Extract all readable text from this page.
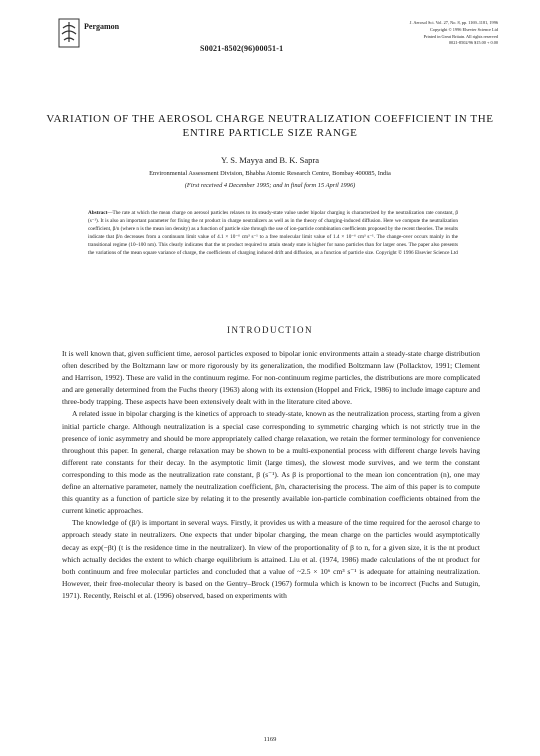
Pergamon
S0021-8502(96)00051-1
J. Aerosol Sci. Vol. 27, No. 8, pp. 1169–1181, 1996
Copyright © 1996 Elsevier Science Ltd
Printed in Great Britain. All rights reserved
0021-8502/96 $15.00 + 0.00
VARIATION OF THE AEROSOL CHARGE NEUTRALIZATION COEFFICIENT IN THE ENTIRE PARTICLE SIZE RANGE
Y. S. Mayya and B. K. Sapra
Environmental Assessment Division, Bhabha Atomic Research Centre, Bombay 400085, India
(First received 4 December 1995; and in final form 15 April 1996)
Abstract—The rate at which the mean charge on aerosol particles relaxes to its steady-state value under bipolar charging is characterized by the neutralization rate constant, β (s⁻¹). It is also an important parameter for fixing the nt product in charge neutralizers as well as in the theory of charging-induced diffusion. Here we compute the neutralization coefficient, β/n (where n is the mean ion density) as a function of particle size through the use of ion-particle combination coefficients proposed by the recent theories. The results indicate that β/n decreases from a continuum limit value of 4.1 × 10⁻⁶ cm³ s⁻¹ to a free molecular limit value of 1.4 × 10⁻⁶ cm³ s⁻¹. The change-over occurs mainly in the transitional regime (10–100 nm). This clearly indicates that the nt product required to attain steady state is higher for nano particles than for larger ones. The paper also presents the variations of the mean square variance of charge, the coefficients of charging induced drift and diffusion, as a function of particle size. Copyright © 1996 Elsevier Science Ltd
INTRODUCTION

It is well known that, given sufficient time, aerosol particles exposed to bipolar ionic environments attain a steady-state charge distribution often described by the Boltzmann law or more rigorously by its generalization, the modified Boltzmann law (Pollacktov, 1991; Clement and Harrison, 1992). These are valid in the continuum regime. For non-continuum regime particles, the distributions are more complicated and are generally determined from the Fuchs theory (1963) along with its extension (Hoppel and Frick, 1986) to include image capture and three-body trapping. These aspects have been extensively dealt with in the literature cited above.

A related issue in bipolar charging is the kinetics of approach to steady-state, known as the neutralization process, starting from a given initial particle charge. Although neutralization is a special case corresponding to symmetric charging which is not strictly true in the presence of ionic asymmetry and should be more appropriately called charge relaxation, we retain the former terminology for convenience throughout this paper. In general, charge relaxation may be shown to be a multi-exponential process with different charge levels having different rate constants for their decay. In the asymptotic limit (large times), the slowest mode survives, and we term the constant corresponding to this mode as the neutralization rate constant, β (s⁻¹). As β is proportional to the mean ion concentration (n), one may define an alternative parameter, namely the neutralization coefficient, β/n, characterising the process. The aim of this paper is to compute this quantity as a function of particle size by relating it to the presently available ion-particle combination coefficients obtained from the current kinetic approaches.

The knowledge of (β/) is important in several ways. Firstly, it provides us with a measure of the time required for the aerosol charge to approach steady state in neutralizers. One expects that under bipolar charging, the mean charge on the particles would asymptotically decay as exp(−βt) (t is the residence time in the neutralizer). In view of the proportionality of β to n, for a given size, it is the nt product which actually decides the extent to which charge equilibrium is attained. Liu et al. (1974, 1986) made calculations of the nt product for both continuum and free molecular particles and concluded that a value of ~2.5 × 10⁶ cm³ s⁻¹ is adequate for attaining neutralization. However, their free-molecular theory is based on the Gentry–Brock (1967) formula which is known to be incorrect (Fuchs and Sutugin, 1971). Recently, Reischl et al. (1996) observed, based on experiments with

1169
